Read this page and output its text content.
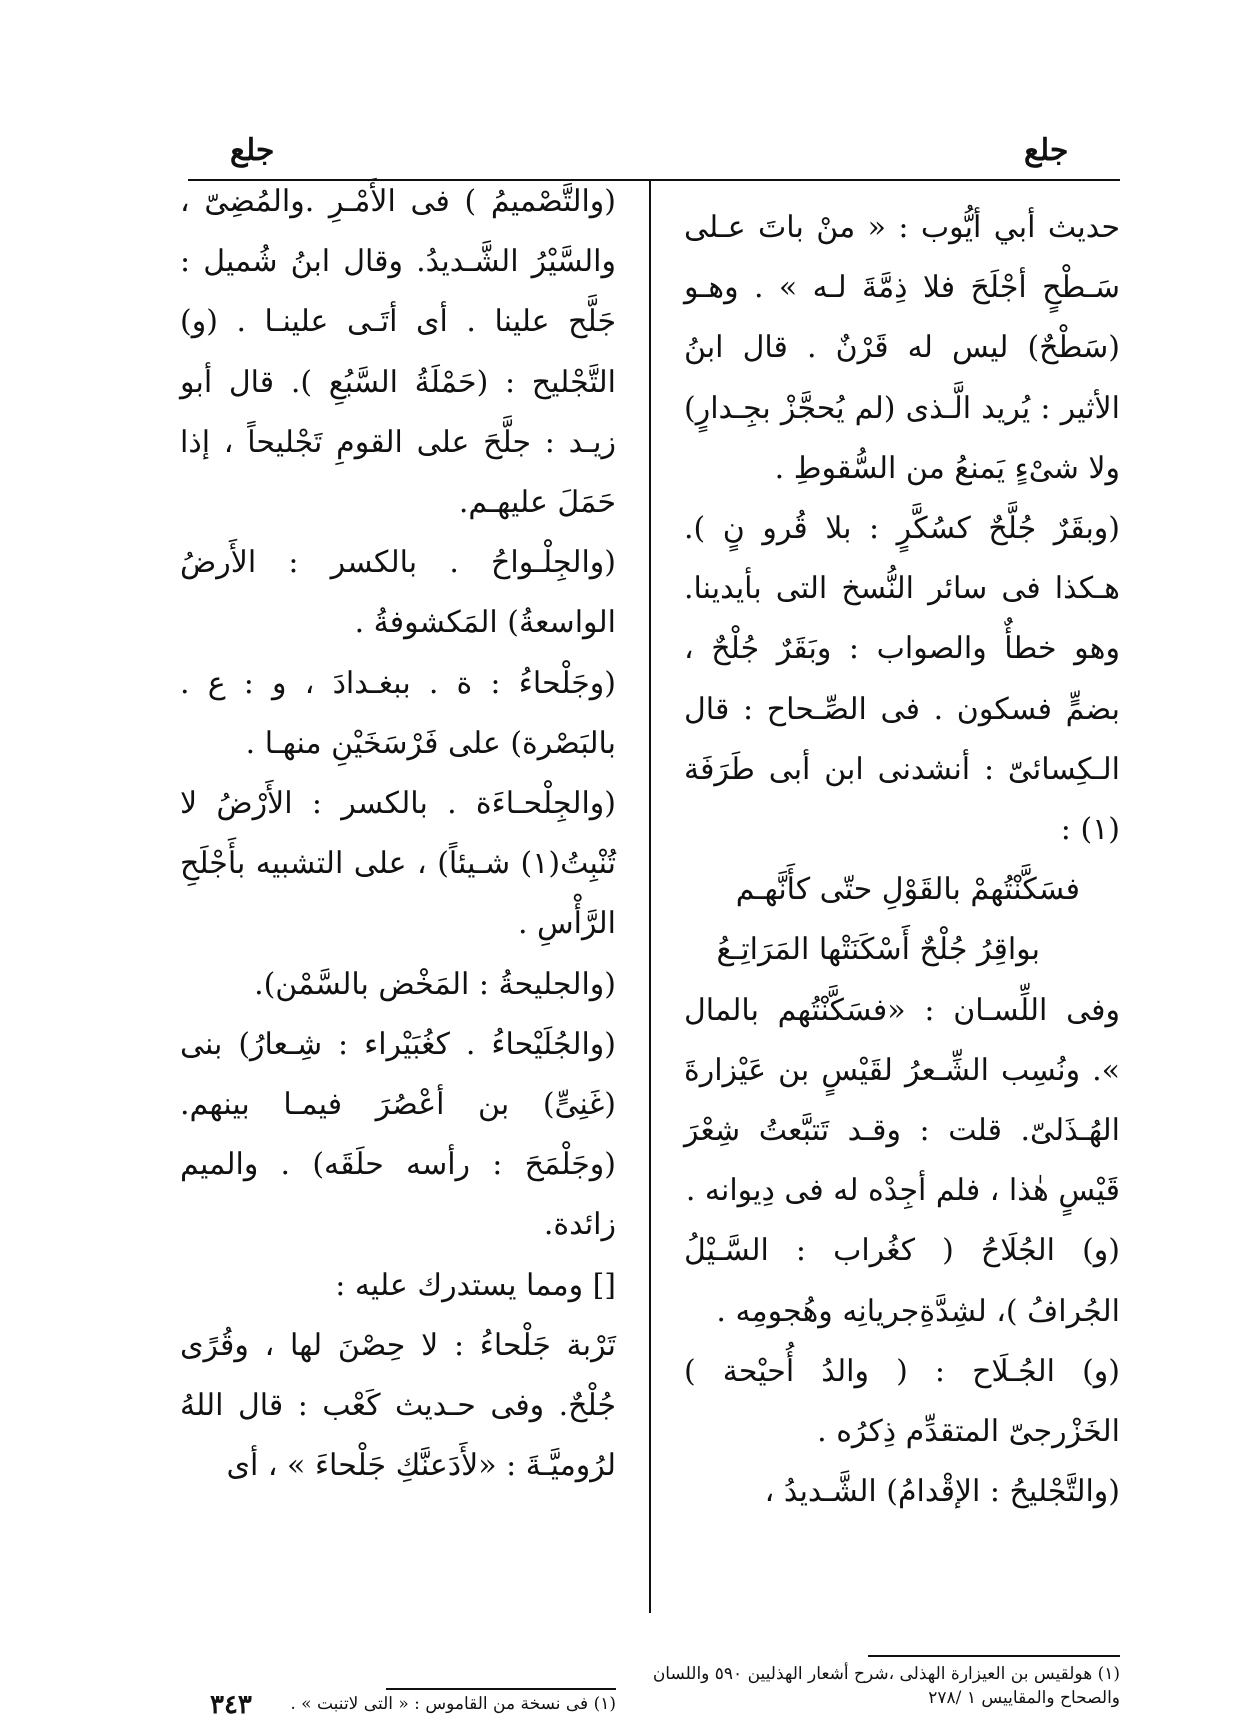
جلع
جلع

حديث أبي أيُّوب : « منْ باتَ عـلى سَـطْحٍ أجْلَحَ فلا ذِمَّةَ لـه » . وهـو (سَطْحٌ) ليس له قَرْنٌ . قال ابنُ الأثير : يُريد الَّـذى (لم يُحجَّزْ بجِـدارٍ) ولا شىْءٍ يَمنعُ من السُّقوطِ .

(وبقَرٌ جُلَّحٌ كسُكَّرٍ : بلا قُرو نٍ ). هـكذا فى سائر النُّسخ التى بأيدينا. وهو خطأٌ والصواب : وبَقَرٌ جُلْحٌ ، بضمٍّ فسكون . فى الصِّـحاح : قال الـكِسائىّ : أنشدنى ابن أبى طَرَفَة (١) :

فسَكَّنْتُهمْ بالقَوْلِ حتّى كأَنَّهـم

بواقِرُ جُلْحٌ أَسْكَنَتْها المَرَاتِـعُ

وفى اللِّسـان : «فسَكَّنْتُهم بالمال ». ونُسِب الشِّـعرُ لقَيْسٍ بن عَيْزارةَ الهُـذَلىّ. قلت : وقـد تَتبَّعتُ شِعْرَ قَيْسٍ هٰذا ، فلم أجِدْه له فى دِيوانه .

(و) الجُلَاحُ ( كغُراب : السَّـيْلُ الجُرافُ )، لشِدَّةِجريانِه وهُجومِه .

(و) الجُـلَاح : ( والدُ أُحيْحة ) الخَزْرجىّ المتقدِّم ذِكرُه .

(والتَّجْليحُ : الإقْدامُ) الشَّـديدُ ،

(والتَّصْميمُ ) فى الأَمْـرِ .والمُضِىّ ، والسَّيْرُ الشَّـديدُ. وقال ابنُ شُميل : جَلَّح علينا . أى أتَـى علينـا . (و) التَّجْليح : (حَمْلَةُ السَّبُعِ ). قال أبو زيـد : جلَّحَ على القومِ تَجْليحاً ، إذا حَمَلَ عليهـم.

(والجِلْـواحُ . بالكسر : الأَرضُ الواسعةُ) المَكشوفةُ .

(وجَلْحاءُ : ة . ببغـدادَ ، و : ع . بالبَصْرة) على فَرْسَخَيْنِ منهـا .

(والجِلْحـاءَة . بالكسر : الأَرْضُ لا تُنْبِتُ(١) شـيئاً) ، على التشبيه بأَجْلَحِ الرَّأْسِ .

(والجليحةُ : المَخْض بالسَّمْن).

(والجُلَيْحاءُ . كغُبَيْراء : شِـعارُ) بنى (غَنِىٍّ) بن أعْصُرَ فيمـا بينهم. (وجَلْمَحَ : رأسه حلَقَه) . والميم زائدة.

[] ومما يستدرك عليه :

تَرْبة جَلْحاءُ : لا حِصْنَ لها ، وقُرًى جُلْحٌ. وفى حـديث كَعْب : قال اللهُ لرُوميَّـةَ : «لأَدَعنَّكِ جَلْحاءَ » ، أى

(١) هولقيس بن العيزارة الهذلى ،شرح أشعار الهذليين ٥٩٠ واللسان والصحاح والمقاييس ١ /٢٧٨
(١) فى نسخة من القاموس : « التى لاتنبت » .
٣٤٣
